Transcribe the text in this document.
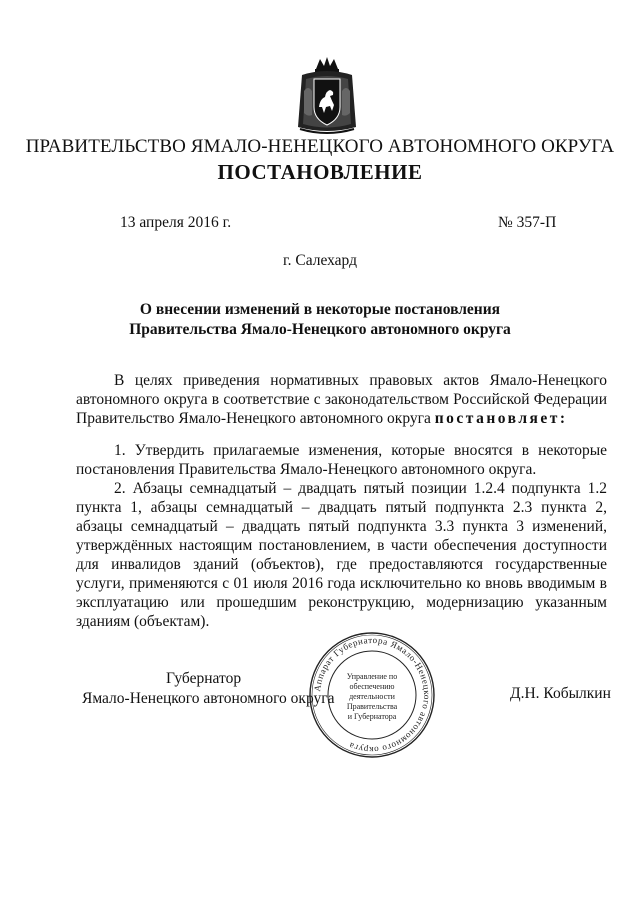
ПРАВИТЕЛЬСТВО ЯМАЛО-НЕНЕЦКОГО АВТОНОМНОГО ОКРУГА
ПОСТАНОВЛЕНИЕ
13 апреля 2016 г.	№ 357-П
г. Салехард
О внесении изменений в некоторые постановления
Правительства Ямало-Ненецкого автономного округа

В целях приведения нормативных правовых актов Ямало-Ненецкого автономного округа в соответствие с законодательством Российской Федерации Правительство Ямало-Ненецкого автономного округа постановляет:

1. Утвердить прилагаемые изменения, которые вносятся в некоторые постановления Правительства Ямало-Ненецкого автономного округа.

2. Абзацы семнадцатый – двадцать пятый позиции 1.2.4 подпункта 1.2 пункта 1, абзацы семнадцатый – двадцать пятый подпункта 2.3 пункта 2, абзацы семнадцатый – двадцать пятый подпункта 3.3 пункта 3 изменений, утверждённых настоящим постановлением, в части обеспечения доступности для инвалидов зданий (объектов), где предоставляются государственные услуги, применяются с 01 июля 2016 года исключительно ко вновь вводимым в эксплуатацию или прошедшим реконструкцию, модернизацию указанным зданиям (объектам).

Губернатор
Ямало-Ненецкого автономного округа	Д.Н. Кобылкин
Аппарат Губернатора Ямало-Ненецкого автономного округа
Управление по
обеспечению
деятельности
Правительства
и Губернатора
